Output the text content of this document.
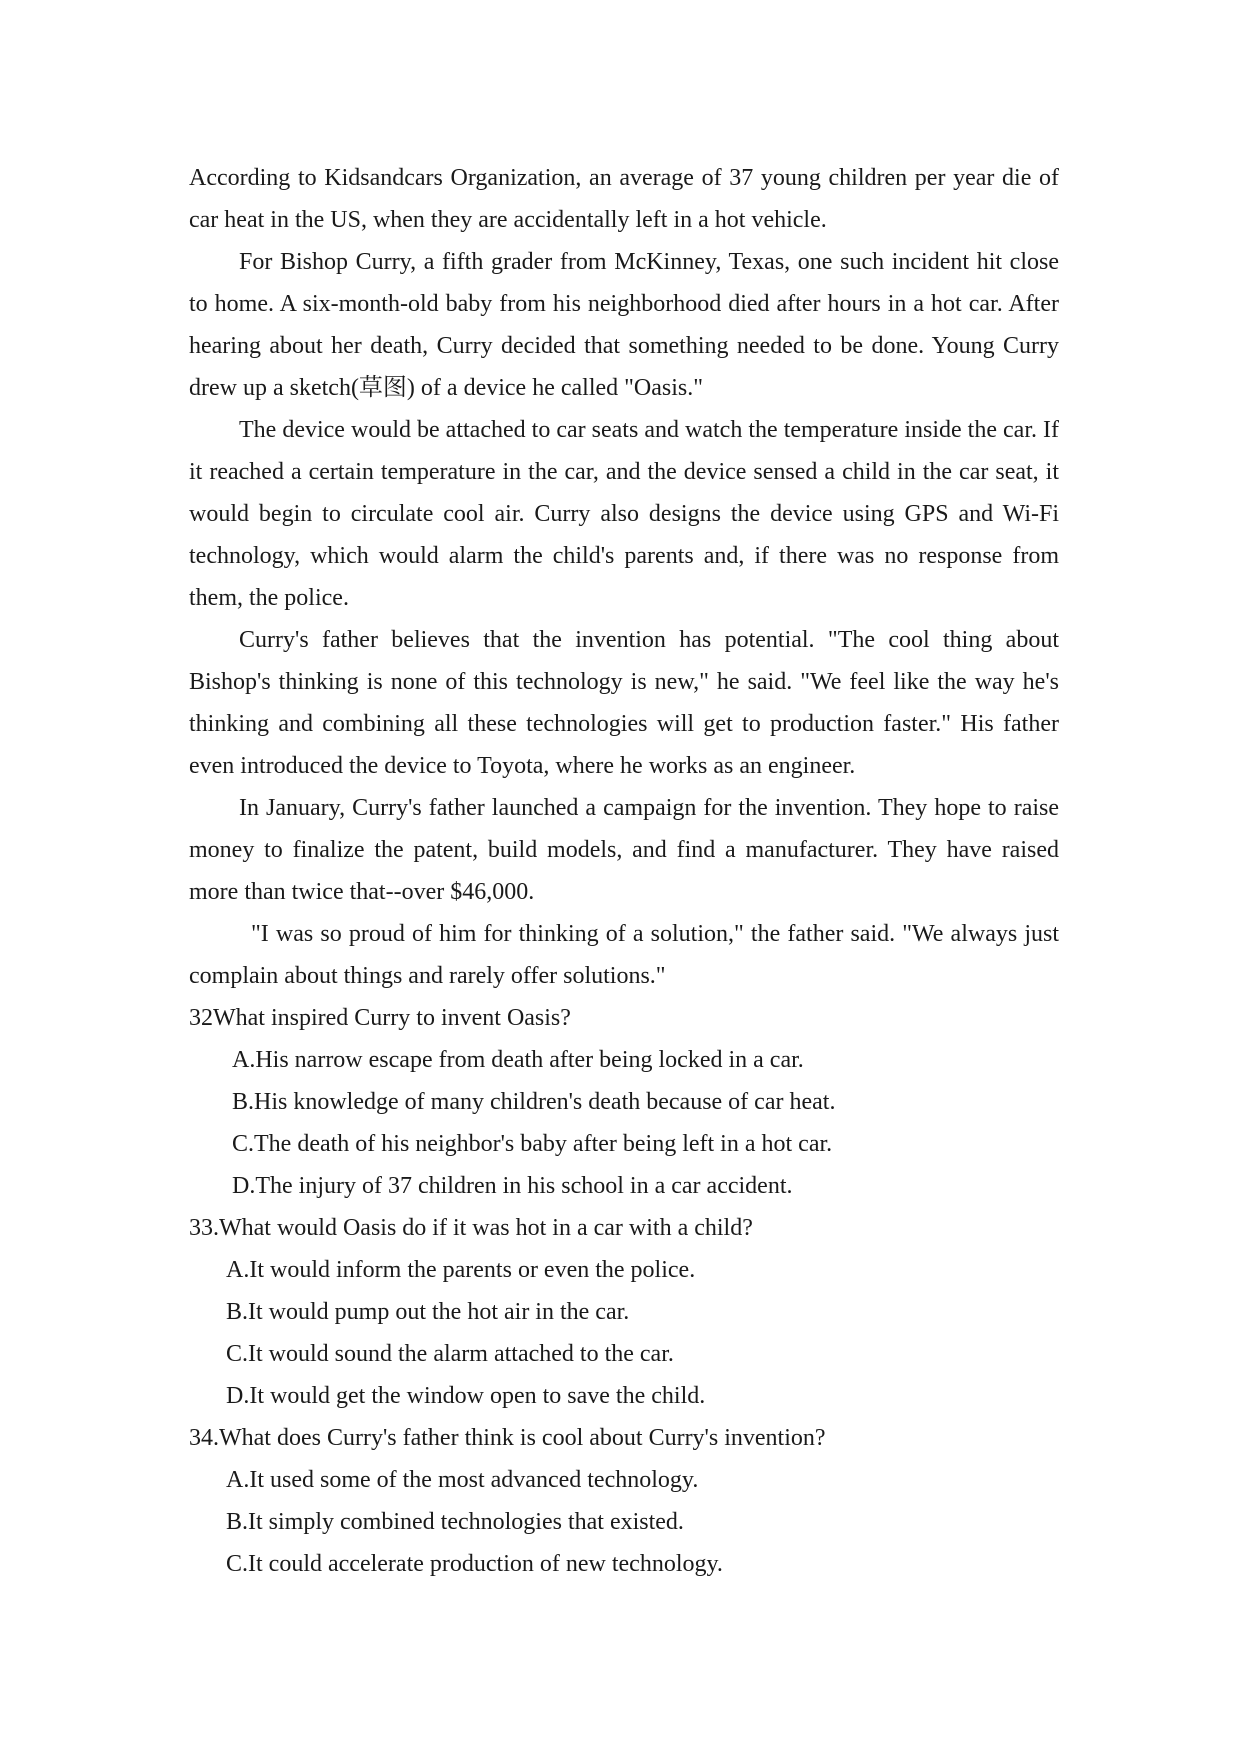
According to Kidsandcars Organization, an average of 37 young children per year die of car heat in the US, when they are accidentally left in a hot vehicle.

For Bishop Curry, a fifth grader from McKinney, Texas, one such incident hit close to home. A six-month-old baby from his neighborhood died after hours in a hot car. After hearing about her death, Curry decided that something needed to be done. Young Curry drew up a sketch(草图) of a device he called "Oasis."

The device would be attached to car seats and watch the temperature inside the car. If it reached a certain temperature in the car, and the device sensed a child in the car seat, it would begin to circulate cool air. Curry also designs the device using GPS and Wi-Fi technology, which would alarm the child's parents and, if there was no response from them, the police.

Curry's father believes that the invention has potential. "The cool thing about Bishop's thinking is none of this technology is new," he said. "We feel like the way he's thinking and combining all these technologies will get to production faster." His father even introduced the device to Toyota, where he works as an engineer.

In January, Curry's father launched a campaign for the invention. They hope to raise money to finalize the patent, build models, and find a manufacturer. They have raised more than twice that--over $46,000.

"I was so proud of him for thinking of a solution," the father said. "We always just complain about things and rarely offer solutions."

32What inspired Curry to invent Oasis?

A.His narrow escape from death after being locked in a car.

B.His knowledge of many children's death because of car heat.

C.The death of his neighbor's baby after being left in a hot car.

D.The injury of 37 children in his school in a car accident.

33.What would Oasis do if it was hot in a car with a child?

A.It would inform the parents or even the police.

B.It would pump out the hot air in the car.

C.It would sound the alarm attached to the car.

D.It would get the window open to save the child.

34.What does Curry's father think is cool about Curry's invention?

A.It used some of the most advanced technology.

B.It simply combined technologies that existed.

C.It could accelerate production of new technology.
